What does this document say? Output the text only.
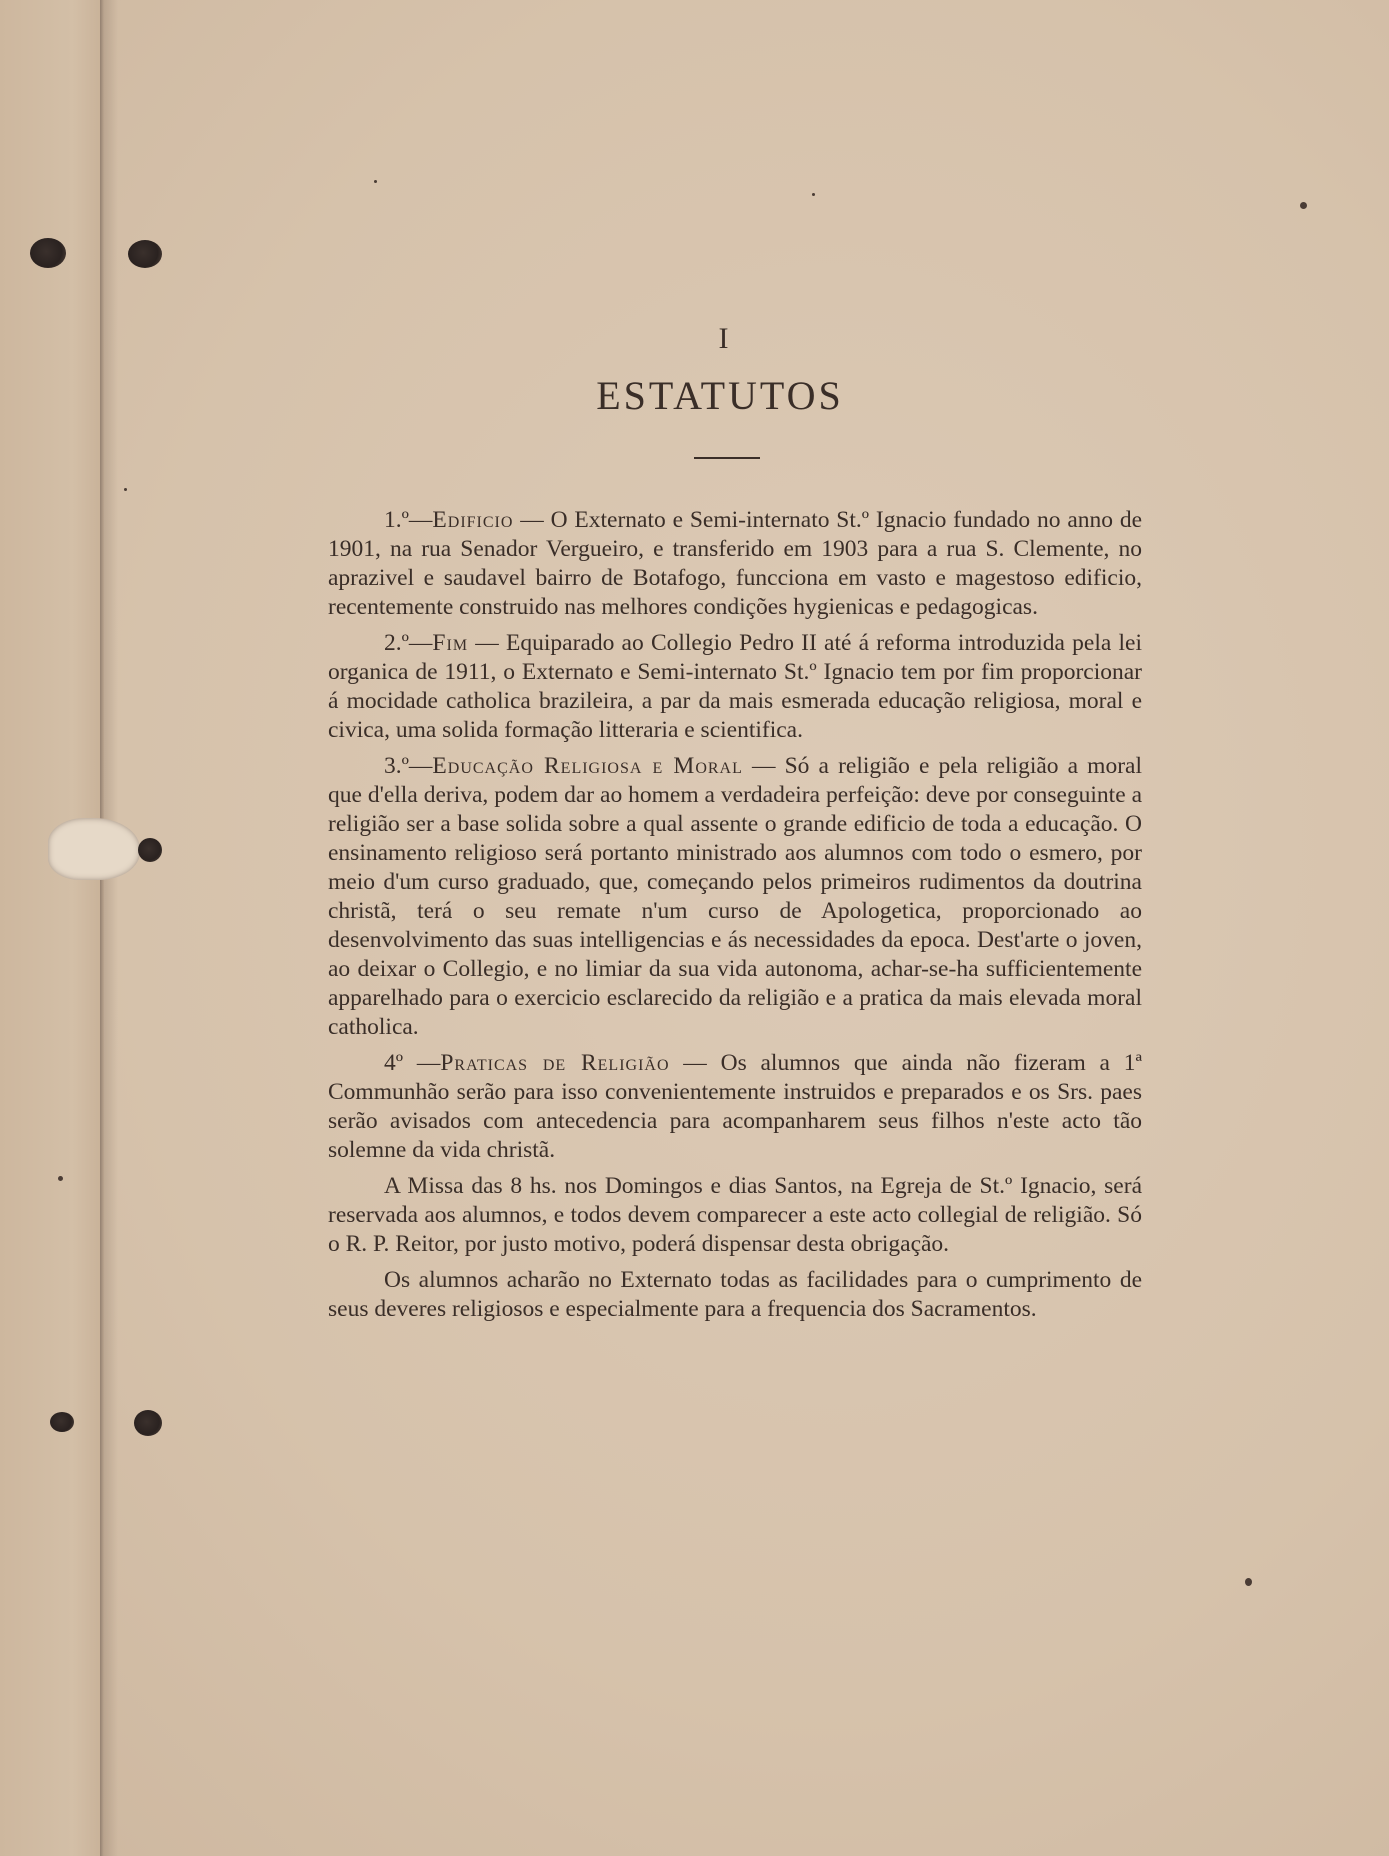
I
ESTATUTOS

1.º—Edificio — O Externato e Semi-internato St.º Ignacio fundado no anno de 1901, na rua Senador Vergueiro, e transferido em 1903 para a rua S. Clemente, no aprazivel e saudavel bairro de Botafogo, funcciona em vasto e magestoso edificio, recentemente construido nas melhores condições hygienicas e pedagogicas.

2.º—Fim — Equiparado ao Collegio Pedro II até á reforma introduzida pela lei organica de 1911, o Externato e Semi-internato St.º Ignacio tem por fim proporcionar á mocidade catholica brazileira, a par da mais esmerada educação religiosa, moral e civica, uma solida formação litteraria e scientifica.

3.º—Educação Religiosa e Moral — Só a religião e pela religião a moral que d'ella deriva, podem dar ao homem a verdadeira perfeição: deve por conseguinte a religião ser a base solida sobre a qual assente o grande edificio de toda a educação. O ensinamento religioso será portanto ministrado aos alumnos com todo o esmero, por meio d'um curso graduado, que, começando pelos primeiros rudimentos da doutrina christã, terá o seu remate n'um curso de Apologetica, proporcionado ao desenvolvimento das suas intelligencias e ás necessidades da epoca. Dest'arte o joven, ao deixar o Collegio, e no limiar da sua vida autonoma, achar-se-ha sufficientemente apparelhado para o exercicio esclarecido da religião e a pratica da mais elevada moral catholica.

4º —Praticas de Religião — Os alumnos que ainda não fizeram a 1ª Communhão serão para isso convenientemente instruidos e preparados e os Srs. paes serão avisados com antecedencia para acompanharem seus filhos n'este acto tão solemne da vida christã.

A Missa das 8 hs. nos Domingos e dias Santos, na Egreja de St.º Ignacio, será reservada aos alumnos, e todos devem comparecer a este acto collegial de religião. Só o R. P. Reitor, por justo motivo, poderá dispensar desta obrigação.

Os alumnos acharão no Externato todas as facilidades para o cumprimento de seus deveres religiosos e especialmente para a frequencia dos Sacramentos.
